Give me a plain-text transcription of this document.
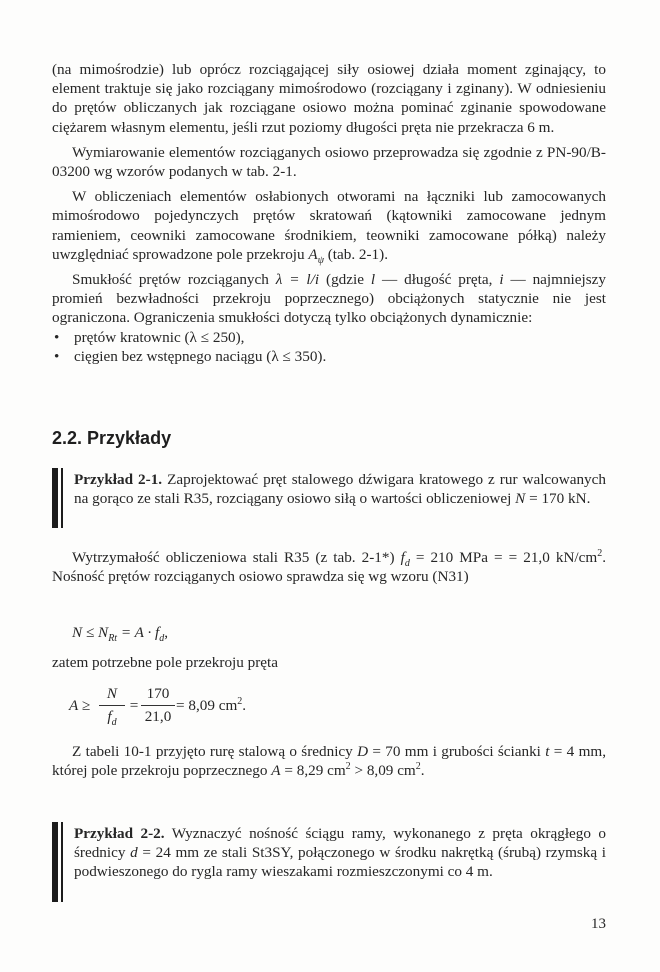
(na mimośrodzie) lub oprócz rozciągającej siły osiowej działa moment zginający, to element traktuje się jako rozciągany mimośrodowo (rozciągany i zginany). W odniesieniu do prętów obliczanych jak rozciągane osiowo można pominać zginanie spowodowane ciężarem własnym elementu, jeśli rzut poziomy długości pręta nie przekracza 6 m.

Wymiarowanie elementów rozciąganych osiowo przeprowadza się zgodnie z PN-90/B-03200 wg wzorów podanych w tab. 2-1.

W obliczeniach elementów osłabionych otworami na łączniki lub zamocowanych mimośrodowo pojedynczych prętów skratowań (kątowniki zamocowane jednym ramieniem, ceowniki zamocowane środnikiem, teowniki zamocowane półką) należy uwzględniać sprowadzone pole przekroju $A_\psi$ (tab. 2-1).

Smukłość prętów rozciąganych λ = l/i (gdzie l — długość pręta, i — najmniejszy promień bezwładności przekroju poprzecznego) obciążonych statycznie nie jest ograniczona. Ograniczenia smukłości dotyczą tylko obciążonych dynamicznie:

• prętów kratownic (λ ≤ 250),
• cięgien bez wstępnego naciągu (λ ≤ 350).
2.2. Przykłady

Przykład 2-1. Zaprojektować pręt stalowego dźwigara kratowego z rur walcowanych na gorąco ze stali R35, rozciągany osiowo siłą o wartości obliczeniowej N = 170 kN.

Wytrzymałość obliczeniowa stali R35 (z tab. 2-1*) $f_d = 210$ MPa = = 21,0 $kN/cm^2$. Nośność prętów rozciąganych osiowo sprawdza się wg wzoru (N31)

$N \le N_{Rt} = A \cdot f_d$,

zatem potrzebne pole przekroju pręta

A ≥
N
$f_d$
=
170
21,0
= 8,09 $cm^2$.

Z tabeli 10-1 przyjęto rurę stalową o średnicy D = 70 mm i grubości ścianki t = 4 mm, której pole przekroju poprzecznego A = 8,29 $cm^2 > 8,09$ $cm^2$.

Przykład 2-2. Wyznaczyć nośność ściągu ramy, wykonanego z pręta okrągłego o średnicy d = 24 mm ze stali St3SY, połączonego w środku nakrętką (śrubą) rzymską i podwieszonego do rygla ramy wieszakami rozmieszczonymi co 4 m.

13
